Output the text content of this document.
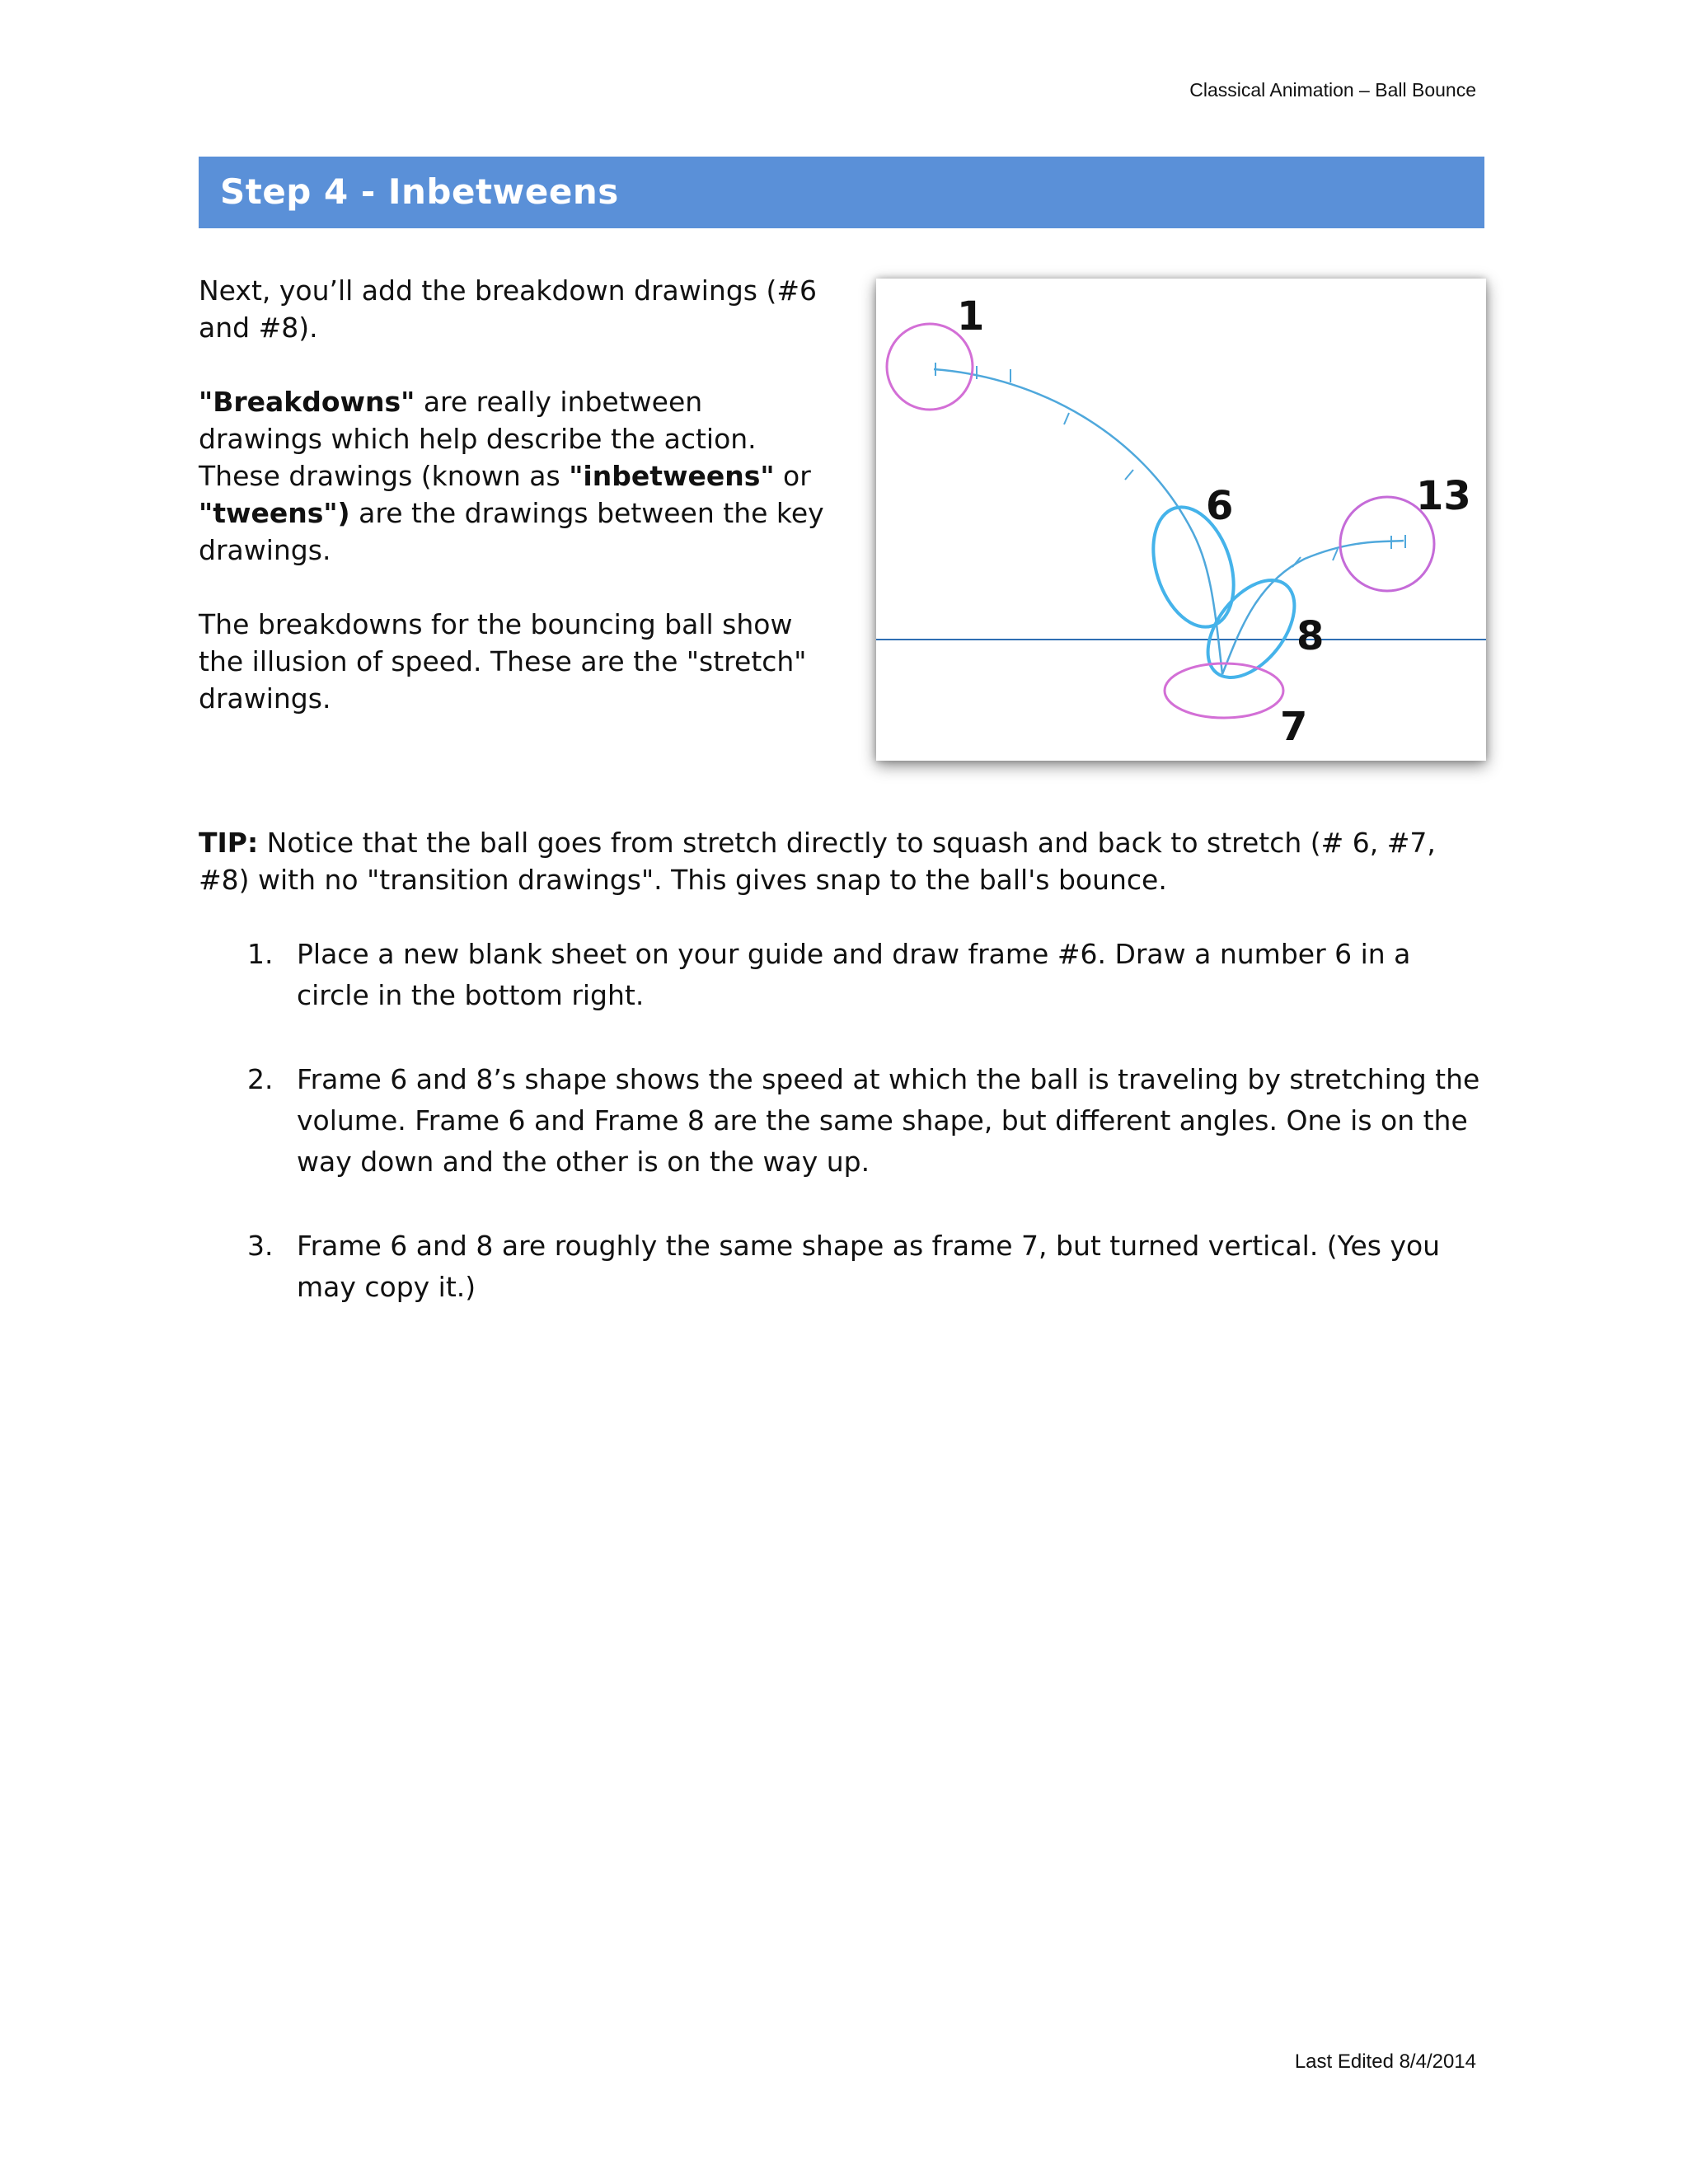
Classical Animation – Ball Bounce
Step 4 - Inbetweens

Next, you’ll add the breakdown drawings (#6 and #8).

"Breakdowns" are really inbetween drawings which help describe the action. These drawings (known as "inbetweens" or "tweens") are the drawings between the key drawings.

The breakdowns for the bouncing ball show the illusion of speed. These are the "stretch" drawings.

1
6
8
7
13
TIP: Notice that the ball goes from stretch directly to squash and back to stretch (# 6, #7, #8) with no "transition drawings". This gives snap to the ball's bounce.
1. Place a new blank sheet on your guide and draw frame #6. Draw a number 6 in a circle in the bottom right.
2. Frame 6 and 8’s shape shows the speed at which the ball is traveling by stretching the volume. Frame 6 and Frame 8 are the same shape, but different angles. One is on the way down and the other is on the way up.
3. Frame 6 and 8 are roughly the same shape as frame 7, but turned vertical. (Yes you may copy it.)
Last Edited 8/4/2014
